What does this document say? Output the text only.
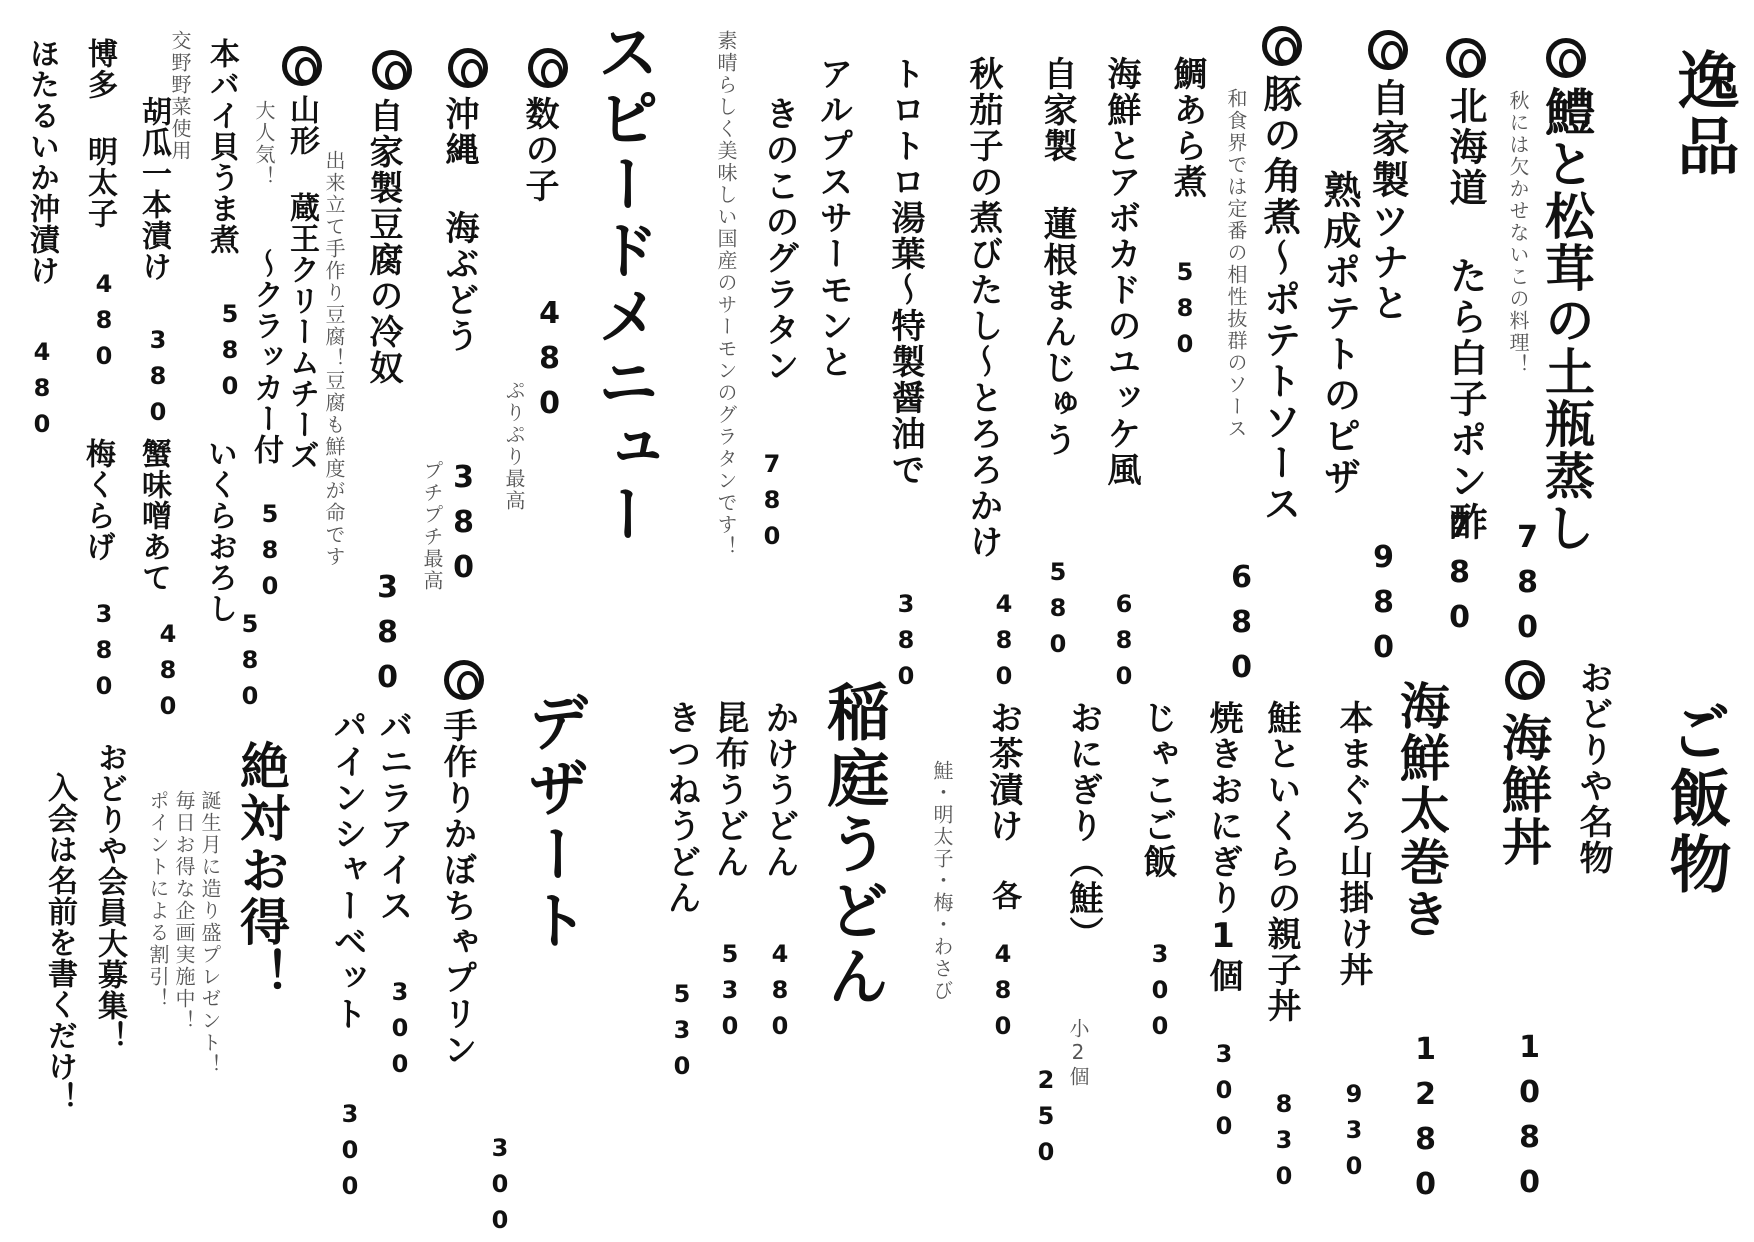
逸品
鱧と松茸の土瓶蒸し
秋には欠かせないこの料理！
780
北海道 たら白子ポン酢
780
自家製ツナと
熟成ポテトのピザ
980
豚の角煮～ポテトソース
和食界では定番の相性抜群のソース
680
鯛あら煮
580
海鮮とアボカドのユッケ風
680
自家製 蓮根まんじゅう
580
秋茄子の煮びたし～とろろかけ
480
トロトロ湯葉～特製醤油で
380
アルプスサーモンと
きのこのグラタン
780
素晴らしく美味しい国産のサーモンのグラタンです！
スピードメニュー
数の子
480
沖縄 海ぶどう
ぷりぷり最高
380
自家製豆腐の冷奴
プチプチ最高
380
山形 蔵王クリームチーズ
大人気！
～クラッカー付
580 出来立て手作り豆腐！豆腐も鮮度が命です
本バイ貝うま煮
580
いくらおろし
580
交野野菜使用
胡瓜一本漬け
380
蟹味噌あて
480
博多 明太子
480
梅くらげ
380
ほたるいか沖漬け
480
ご飯物
おどりや名物
海鮮丼
1080
海鮮太巻き
1280
本まぐろ山掛け丼
930
鮭といくらの親子丼
830
焼きおにぎり1個
300
じゃこご飯
300
おにぎり（鮭）
小2個
250
お茶漬け
各
480
鮭・明太子・梅・わさび
稲庭うどん
かけうどん
480
昆布うどん
530
きつねうどん
530
デザート
手作りかぼちゃプリン
300
バニラアイス
300
パインシャーベット
300
絶対お得！
誕生月に造り盛プレゼント！
毎日お得な企画実施中！
ポイントによる割引！
おどりや会員大募集！
入会は名前を書くだけ！
